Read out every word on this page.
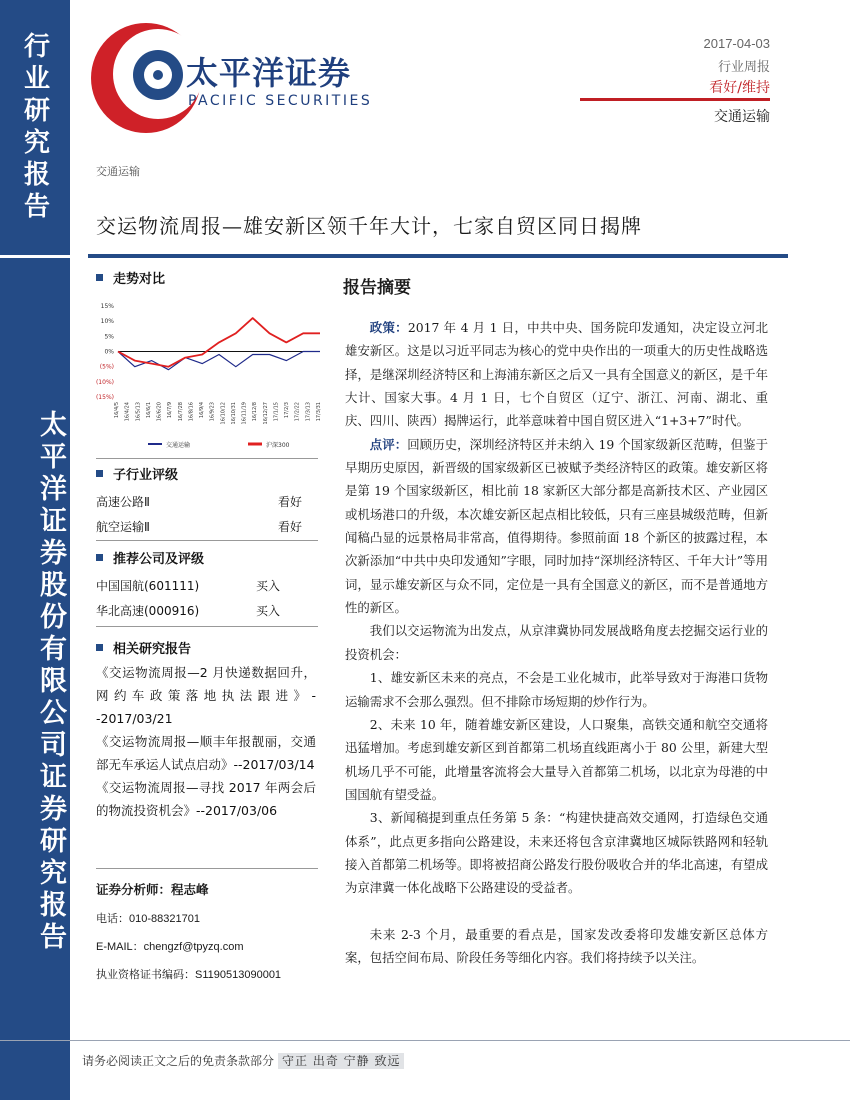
行业研究报告
太平洋证券股份有限公司证券研究报告
太平洋证券
PACIFIC SECURITIES
2017-04-03
行业周报
看好/维持
交通运输
交通运输
交运物流周报—雄安新区领千年大计，七家自贸区同日揭牌
走势对比
15%
10%
5%
0%
(5%)
(10%)
(15%)
16/4/5 16/4/24 16/5/13 16/6/1 16/6/20 16/7/9 16/7/28 16/8/16 16/9/4 16/9/23 16/10/12 16/10/31 16/11/19 16/12/8 16/12/27 17/1/15 17/2/3 17/2/22 17/3/13 17/3/31
交通运输	沪深300
子行业评级
高速公路Ⅱ	看好
航空运输Ⅱ	看好
推荐公司及评级
中国国航(601111)	买入
华北高速(000916)	买入
相关研究报告
《交运物流周报—2 月快递数据回升，网约车政策落地执法跟进》--2017/03/21
《交运物流周报—顺丰年报靓丽，交通部无车承运人试点启动》--2017/03/14
《交运物流周报—寻找 2017 年两会后的物流投资机会》--2017/03/06
证券分析师：程志峰
电话：010-88321701
E-MAIL：chengzf@tpyzq.com
执业资格证书编码：S1190513090001
报告摘要

政策：2017 年 4 月 1 日，中共中央、国务院印发通知，决定设立河北雄安新区。这是以习近平同志为核心的党中央作出的一项重大的历史性战略选择，是继深圳经济特区和上海浦东新区之后又一具有全国意义的新区，是千年大计、国家大事。4 月 1 日，七个自贸区（辽宁、浙江、河南、湖北、重庆、四川、陕西）揭牌运行，此举意味着中国自贸区进入“1+3+7”时代。

点评：回顾历史，深圳经济特区并未纳入 19 个国家级新区范畴，但鉴于早期历史原因，新晋级的国家级新区已被赋予类经济特区的政策。雄安新区将是第 19 个国家级新区，相比前 18 家新区大部分都是高新技术区、产业园区或机场港口的升级，本次雄安新区起点相比较低，只有三座县城级范畴，但新闻稿凸显的远景格局非常高，值得期待。参照前面 18 个新区的披露过程，本次新添加“中共中央印发通知”字眼，同时加持“深圳经济特区、千年大计”等用词，显示雄安新区与众不同，定位是一具有全国意义的新区，而不是普通地方性的新区。

我们以交运物流为出发点，从京津冀协同发展战略角度去挖掘交运行业的投资机会：

1、雄安新区未来的亮点，不会是工业化城市，此举导致对于海港口货物运输需求不会那么强烈。但不排除市场短期的炒作行为。

2、未来 10 年，随着雄安新区建设，人口聚集，高铁交通和航空交通将迅猛增加。考虑到雄安新区到首都第二机场直线距离小于 80 公里，新建大型机场几乎不可能，此增量客流将会大量导入首都第二机场，以北京为母港的中国国航有望受益。

3、新闻稿提到重点任务第 5 条：“构建快捷高效交通网，打造绿色交通体系”，此点更多指向公路建设，未来还将包含京津冀地区城际铁路网和轻轨接入首都第二机场等。即将被招商公路发行股份吸收合并的华北高速，有望成为京津冀一体化战略下公路建设的受益者。

未来 2-3 个月，最重要的看点是，国家发改委将印发雄安新区总体方案，包括空间布局、阶段任务等细化内容。我们将持续予以关注。

请务必阅读正文之后的免责条款部分 守正 出奇 宁静 致远
